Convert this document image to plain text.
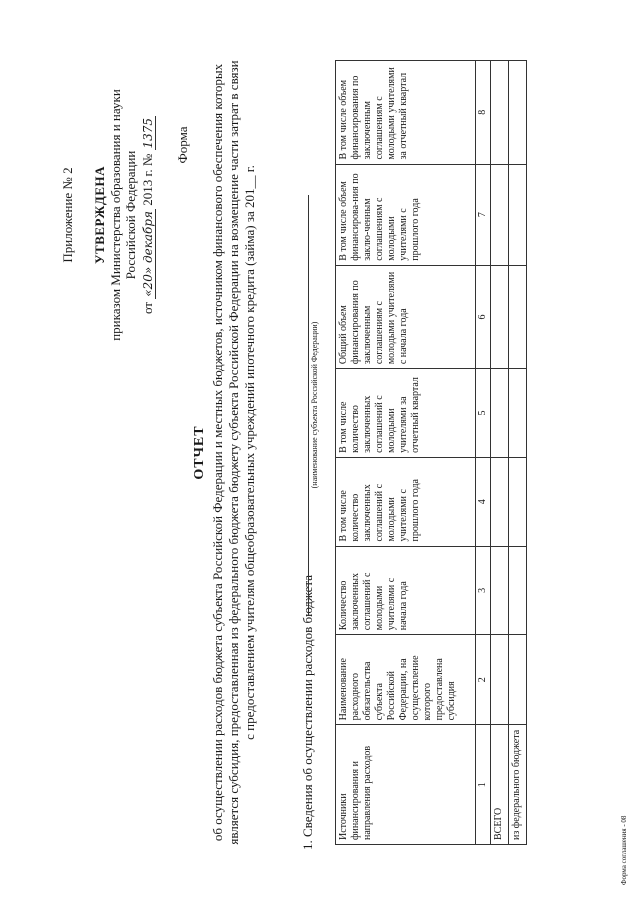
Приложение № 2 УТВЕРЖДЕНА приказом Министерства образования и науки Российской Федерации
от «20» декабря 2013 г. № 1375 Форма
ОТЧЕТ об осуществлении расходов бюджета субъекта Российской Федерации и местных бюджетов, источником финансового обеспечения которых является субсидия, предоставленная из федерального бюджета бюджету субъекта Российской Федерации на возмещение части затрат в связи с предоставлением учителям общеобразовательных учреждений ипотечного кредита (займа) за 201__ г.	1. Сведения об осуществлении расходов бюджета
(наименование субъекта Российской Федерации)
Источники финансирования и направления расходов	Наименование расходного обязательства субъекта Российской Федерации, на осуществление которого предоставлена субсидия	Количество заключенных соглашений с молодыми учителями с начала года	В том числе количество заключенных соглашений с молодыми учителями с прошлого года	В том числе количество заключенных соглашений с молодыми учителями за отчетный квартал	Общий объем финансирования по заключенным соглашениям с молодыми учителями с начала года	В том числе объем финансирова-ния по заклю-ченным соглашениям с молодыми учителями с прошлого года	В том числе объем финансирования по заключенным соглашениям с молодыми учителями за отчетный квартал
1	2	3	4	5	6	7	8
ВСЕГО							
из федерального бюджета							
Форма соглашения - 08
